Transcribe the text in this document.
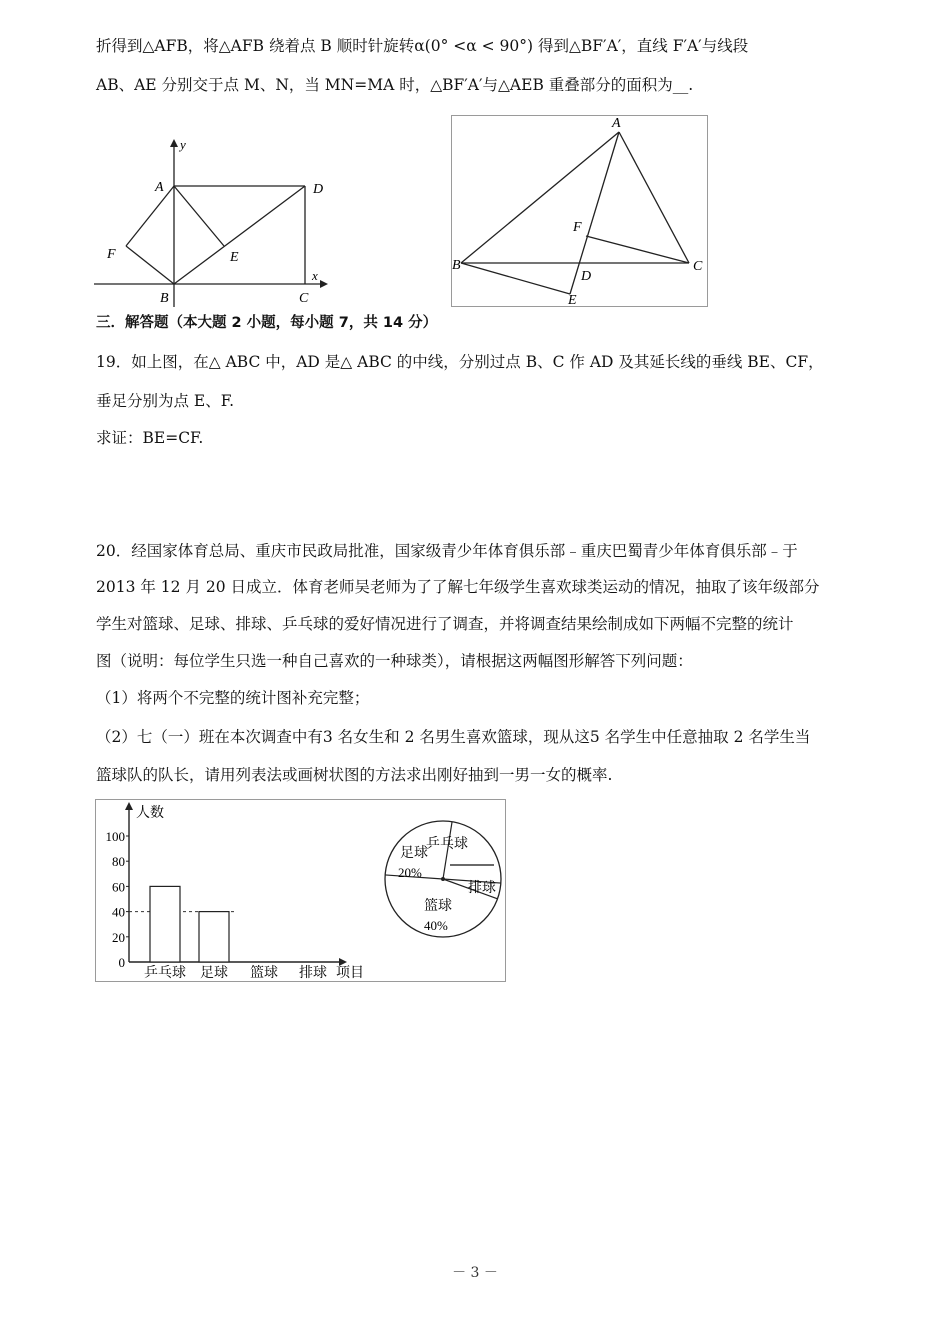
折得到△AFB，将△AFB 绕着点 B 顺时针旋转α(0° <α < 90°) 得到△BF′A′，直线 F′A′与线段
AB、AE 分别交于点 M、N，当 MN=MA 时，△BF′A′与△AEB 重叠部分的面积为__.
y
x
A	D
F	E
B	C
A
F
B
D
C
E
三．解答题（本大题 2 小题，每小题 7，共 14 分）
19．如上图，在△ ABC 中，AD 是△ ABC 的中线，分别过点 B、C 作 AD 及其延长线的垂线 BE、CF，
垂足分别为点 E、F.
求证：BE=CF.
20．经国家体育总局、重庆市民政局批准，国家级青少年体育俱乐部﹣重庆巴蜀青少年体育俱乐部﹣于
2013 年 12 月 20 日成立．体育老师吴老师为了了解七年级学生喜欢球类运动的情况，抽取了该年级部分
学生对篮球、足球、排球、乒乓球的爱好情况进行了调查，并将调查结果绘制成如下两幅不完整的统计
图（说明：每位学生只选一种自己喜欢的一种球类），请根据这两幅图形解答下列问题：
（1）将两个不完整的统计图补充完整；
（2）七（一）班在本次调查中有3 名女生和 2 名男生喜欢篮球，现从这5 名学生中任意抽取 2 名学生当
篮球队的队长，请用列表法或画树状图的方法求出刚好抽到一男一女的概率.
人数
项目
0
20
40
60
80
100
乒乓球 足球 篮球 排球
乒乓球
足球
20%
篮球
40%
排球
－ 3 －
